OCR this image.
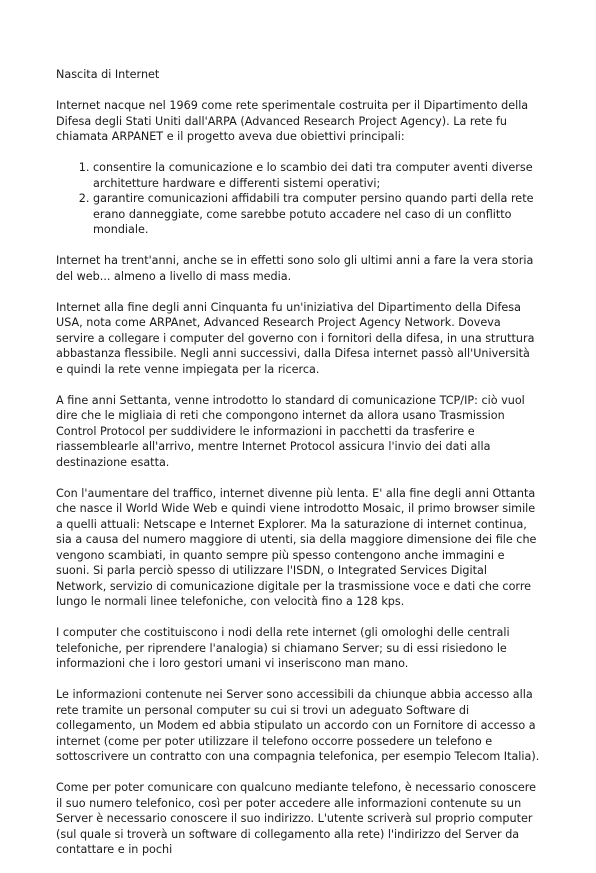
Nascita di Internet

Internet nacque nel 1969 come rete sperimentale costruita per il Dipartimento della Difesa degli Stati Uniti dall'ARPA (Advanced Research Project Agency). La rete fu chiamata ARPANET e il progetto aveva due obiettivi principali:

1. consentire la comunicazione e lo scambio dei dati tra computer aventi diverse architetture hardware e differenti sistemi operativi;
2. garantire comunicazioni affidabili tra computer persino quando parti della rete erano danneggiate, come sarebbe potuto accadere nel caso di un conflitto mondiale.

Internet ha trent'anni, anche se in effetti sono solo gli ultimi anni a fare la vera storia del web... almeno a livello di mass media.

Internet alla fine degli anni Cinquanta fu un'iniziativa del Dipartimento della Difesa USA, nota come ARPAnet, Advanced Research Project Agency Network. Doveva servire a collegare i computer del governo con i fornitori della difesa, in una struttura abbastanza flessibile. Negli anni successivi, dalla Difesa internet passò all'Università e quindi la rete venne impiegata per la ricerca.

A fine anni Settanta, venne introdotto lo standard di comunicazione TCP/IP: ciò vuol dire che le migliaia di reti che compongono internet da allora usano Trasmission Control Protocol per suddividere le informazioni in pacchetti da trasferire e riassemblearle all'arrivo, mentre Internet Protocol assicura l'invio dei dati alla destinazione esatta.

Con l'aumentare del traffico, internet divenne più lenta. E' alla fine degli anni Ottanta che nasce il World Wide Web e quindi viene introdotto Mosaic, il primo browser simile a quelli attuali: Netscape e Internet Explorer. Ma la saturazione di internet continua, sia a causa del numero maggiore di utenti, sia della maggiore dimensione dei file che vengono scambiati, in quanto sempre più spesso contengono anche immagini e suoni. Si parla perciò spesso di utilizzare l'ISDN, o Integrated Services Digital Network, servizio di comunicazione digitale per la trasmissione voce e dati che corre lungo le normali linee telefoniche, con velocità fino a 128 kps.

I computer che costituiscono i nodi della rete internet (gli omologhi delle centrali telefoniche, per riprendere l'analogia) si chiamano Server; su di essi risiedono le informazioni che i loro gestori umani vi inseriscono man mano.

Le informazioni contenute nei Server sono accessibili da chiunque abbia accesso alla rete tramite un personal computer su cui si trovi un adeguato Software di collegamento, un Modem ed abbia stipulato un accordo con un Fornitore di accesso a internet (come per poter utilizzare il telefono occorre possedere un telefono e sottoscrivere un contratto con una compagnia telefonica, per esempio Telecom Italia).

Come per poter comunicare con qualcuno mediante telefono, è necessario conoscere il suo numero telefonico, così per poter accedere alle informazioni contenute su un Server è necessario conoscere il suo indirizzo. L'utente scriverà sul proprio computer (sul quale si troverà un software di collegamento alla rete) l'indirizzo del Server da contattare e in pochi
